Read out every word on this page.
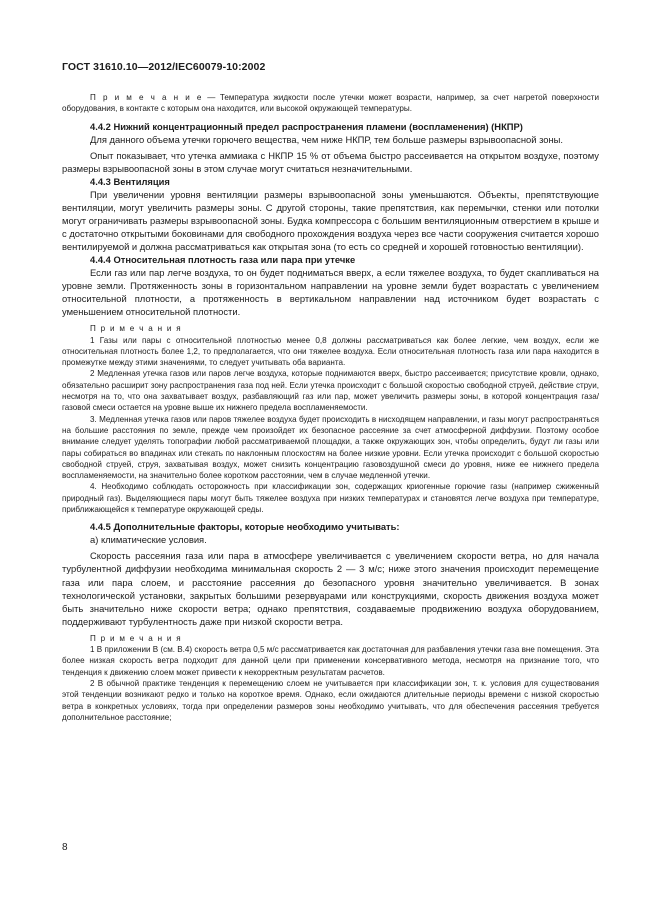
ГОСТ 31610.10—2012/IEC60079-10:2002

П р и м е ч а н и е — Температура жидкости после утечки может возрасти, например, за счет нагретой поверхности оборудования, в контакте с которым она находится, или высокой окружающей температуры.

4.4.2 Нижний концентрационный предел распространения пламени (воспламенения) (НКПР)

Для данного объема утечки горючего вещества, чем ниже НКПР, тем больше размеры взрывоопасной зоны.

Опыт показывает, что утечка аммиака с НКПР 15 % от объема быстро рассеивается на открытом воздухе, поэтому размеры взрывоопасной зоны в этом случае могут считаться незначительными.

4.4.3 Вентиляция

При увеличении уровня вентиляции размеры взрывоопасной зоны уменьшаются. Объекты, препятствующие вентиляции, могут увеличить размеры зоны. С другой стороны, такие препятствия, как перемычки, стенки или потолки могут ограничивать размеры взрывоопасной зоны. Будка компрессора с большим вентиляционным отверстием в крыше и с достаточно открытыми боковинами для свободного прохождения воздуха через все части сооружения считается хорошо вентилируемой и должна рассматриваться как открытая зона (то есть со средней и хорошей готовностью вентиляции).

4.4.4 Относительная плотность газа или пара при утечке

Если газ или пар легче воздуха, то он будет подниматься вверх, а если тяжелее воздуха, то будет скапливаться на уровне земли. Протяженность зоны в горизонтальном направлении на уровне земли будет возрастать с увеличением относительной плотности, а протяженность в вертикальном направлении над источником будет возрастать с уменьшением относительной плотности.

П р и м е ч а н и я

1 Газы или пары с относительной плотностью менее 0,8 должны рассматриваться как более легкие, чем воздух, если же относительная плотность более 1,2, то предполагается, что они тяжелее воздуха. Если относительная плотность газа или пара находится в промежутке между этими значениями, то следует учитывать оба варианта.

2 Медленная утечка газов или паров легче воздуха, которые поднимаются вверх, быстро рассеивается; присутствие кровли, однако, обязательно расширит зону распространения газа под ней. Если утечка происходит с большой скоростью свободной струей, действие струи, несмотря на то, что она захватывает воздух, разбавляющий газ или пар, может увеличить размеры зоны, в которой концентрация газа/газовой смеси остается на уровне выше их нижнего предела воспламеняемости.

3. Медленная утечка газов или паров тяжелее воздуха будет происходить в нисходящем направлении, и газы могут распространяться на большие расстояния по земле, прежде чем произойдет их безопасное рассеяние за счет атмосферной диффузии. Поэтому особое внимание следует уделять топографии любой рассматриваемой площадки, а также окружающих зон, чтобы определить, будут ли газы или пары собираться во впадинах или стекать по наклонным плоскостям на более низкие уровни. Если утечка происходит с большой скоростью свободной струей, струя, захватывая воздух, может снизить концентрацию газовоздушной смеси до уровня, ниже ее нижнего предела воспламеняемости, на значительно более коротком расстоянии, чем в случае медленной утечки.

4. Необходимо соблюдать осторожность при классификации зон, содержащих криогенные горючие газы (например сжиженный природный газ). Выделяющиеся пары могут быть тяжелее воздуха при низких температурах и становятся легче воздуха при температуре, приближающейся к температуре окружающей среды.

4.4.5 Дополнительные факторы, которые необходимо учитывать:

а) климатические условия.

Скорость рассеяния газа или пара в атмосфере увеличивается с увеличением скорости ветра, но для начала турбулентной диффузии необходима минимальная скорость 2 — 3 м/с; ниже этого значения происходит перемещение газа или пара слоем, и расстояние рассеяния до безопасного уровня значительно увеличивается. В зонах технологической установки, закрытых большими резервуарами или конструкциями, скорость движения воздуха может быть значительно ниже скорости ветра; однако препятствия, создаваемые продвижению воздуха оборудованием, поддерживают турбулентность даже при низкой скорости ветра.

П р и м е ч а н и я

1 В приложении В (см. В.4) скорость ветра 0,5 м/с рассматривается как достаточная для разбавления утечки газа вне помещения. Эта более низкая скорость ветра подходит для данной цели при применении консервативного метода, несмотря на признание того, что тенденция к движению слоем может привести к некорректным результатам расчетов.

2 В обычной практике тенденция к перемещению слоем не учитывается при классификации зон, т. к. условия для существования этой тенденции возникают редко и только на короткое время. Однако, если ожидаются длительные периоды времени с низкой скоростью ветра в конкретных условиях, тогда при определении размеров зоны необходимо учитывать, что для обеспечения рассеяния требуется дополнительное расстояние;

8
